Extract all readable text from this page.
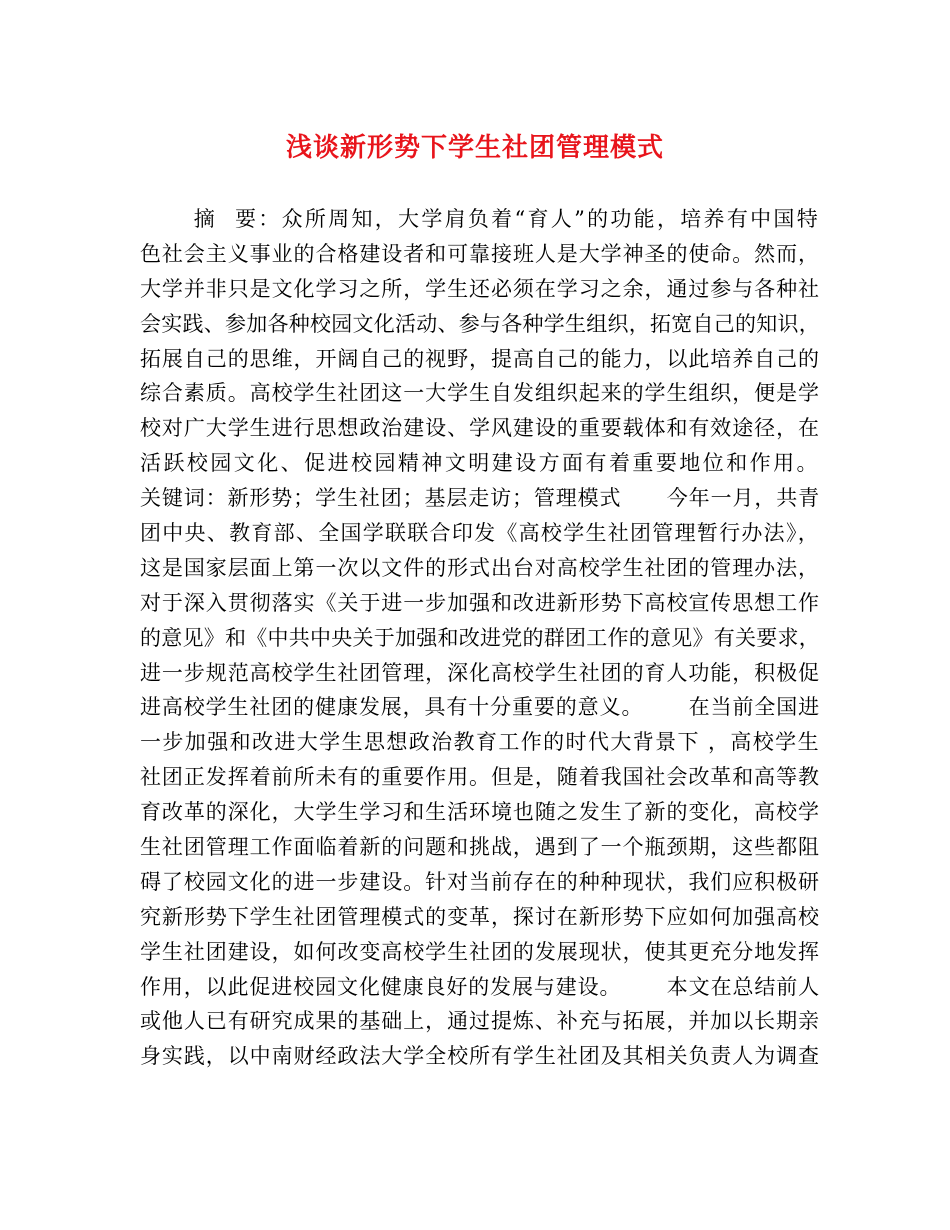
浅谈新形势下学生社团管理模式
摘  要：众所周知，大学肩负着“育人”的功能，培养有中国特
色社会主义事业的合格建设者和可靠接班人是大学神圣的使命。然而，
大学并非只是文化学习之所，学生还必须在学习之余，通过参与各种社
会实践、参加各种校园文化活动、参与各种学生组织，拓宽自己的知识，
拓展自己的思维，开阔自己的视野，提高自己的能力，以此培养自己的
综合素质。高校学生社团这一大学生自发组织起来的学生组织，便是学
校对广大学生进行思想政治建设、学风建设的重要载体和有效途径，在
活跃校园文化、促进校园精神文明建设方面有着重要地位和作用。
关键词：新形势；学生社团；基层走访；管理模式      今年一月，共青
团中央、教育部、全国学联联合印发《高校学生社团管理暂行办法》，
这是国家层面上第一次以文件的形式出台对高校学生社团的管理办法，
对于深入贯彻落实《关于进一步加强和改进新形势下高校宣传思想工作
的意见》和《中共中央关于加强和改进党的群团工作的意见》有关要求，
进一步规范高校学生社团管理，深化高校学生社团的育人功能，积极促
进高校学生社团的健康发展，具有十分重要的意义。      在当前全国进
一步加强和改进大学生思想政治教育工作的时代大背景下 ，高校学生
社团正发挥着前所未有的重要作用。但是，随着我国社会改革和高等教
育改革的深化，大学生学习和生活环境也随之发生了新的变化，高校学
生社团管理工作面临着新的问题和挑战，遇到了一个瓶颈期，这些都阻
碍了校园文化的进一步建设。针对当前存在的种种现状，我们应积极研
究新形势下学生社团管理模式的变革，探讨在新形势下应如何加强高校
学生社团建设，如何改变高校学生社团的发展现状，使其更充分地发挥
作用，以此促进校园文化健康良好的发展与建设。      本文在总结前人
或他人已有研究成果的基础上，通过提炼、补充与拓展，并加以长期亲
身实践，以中南财经政法大学全校所有学生社团及其相关负责人为调查
